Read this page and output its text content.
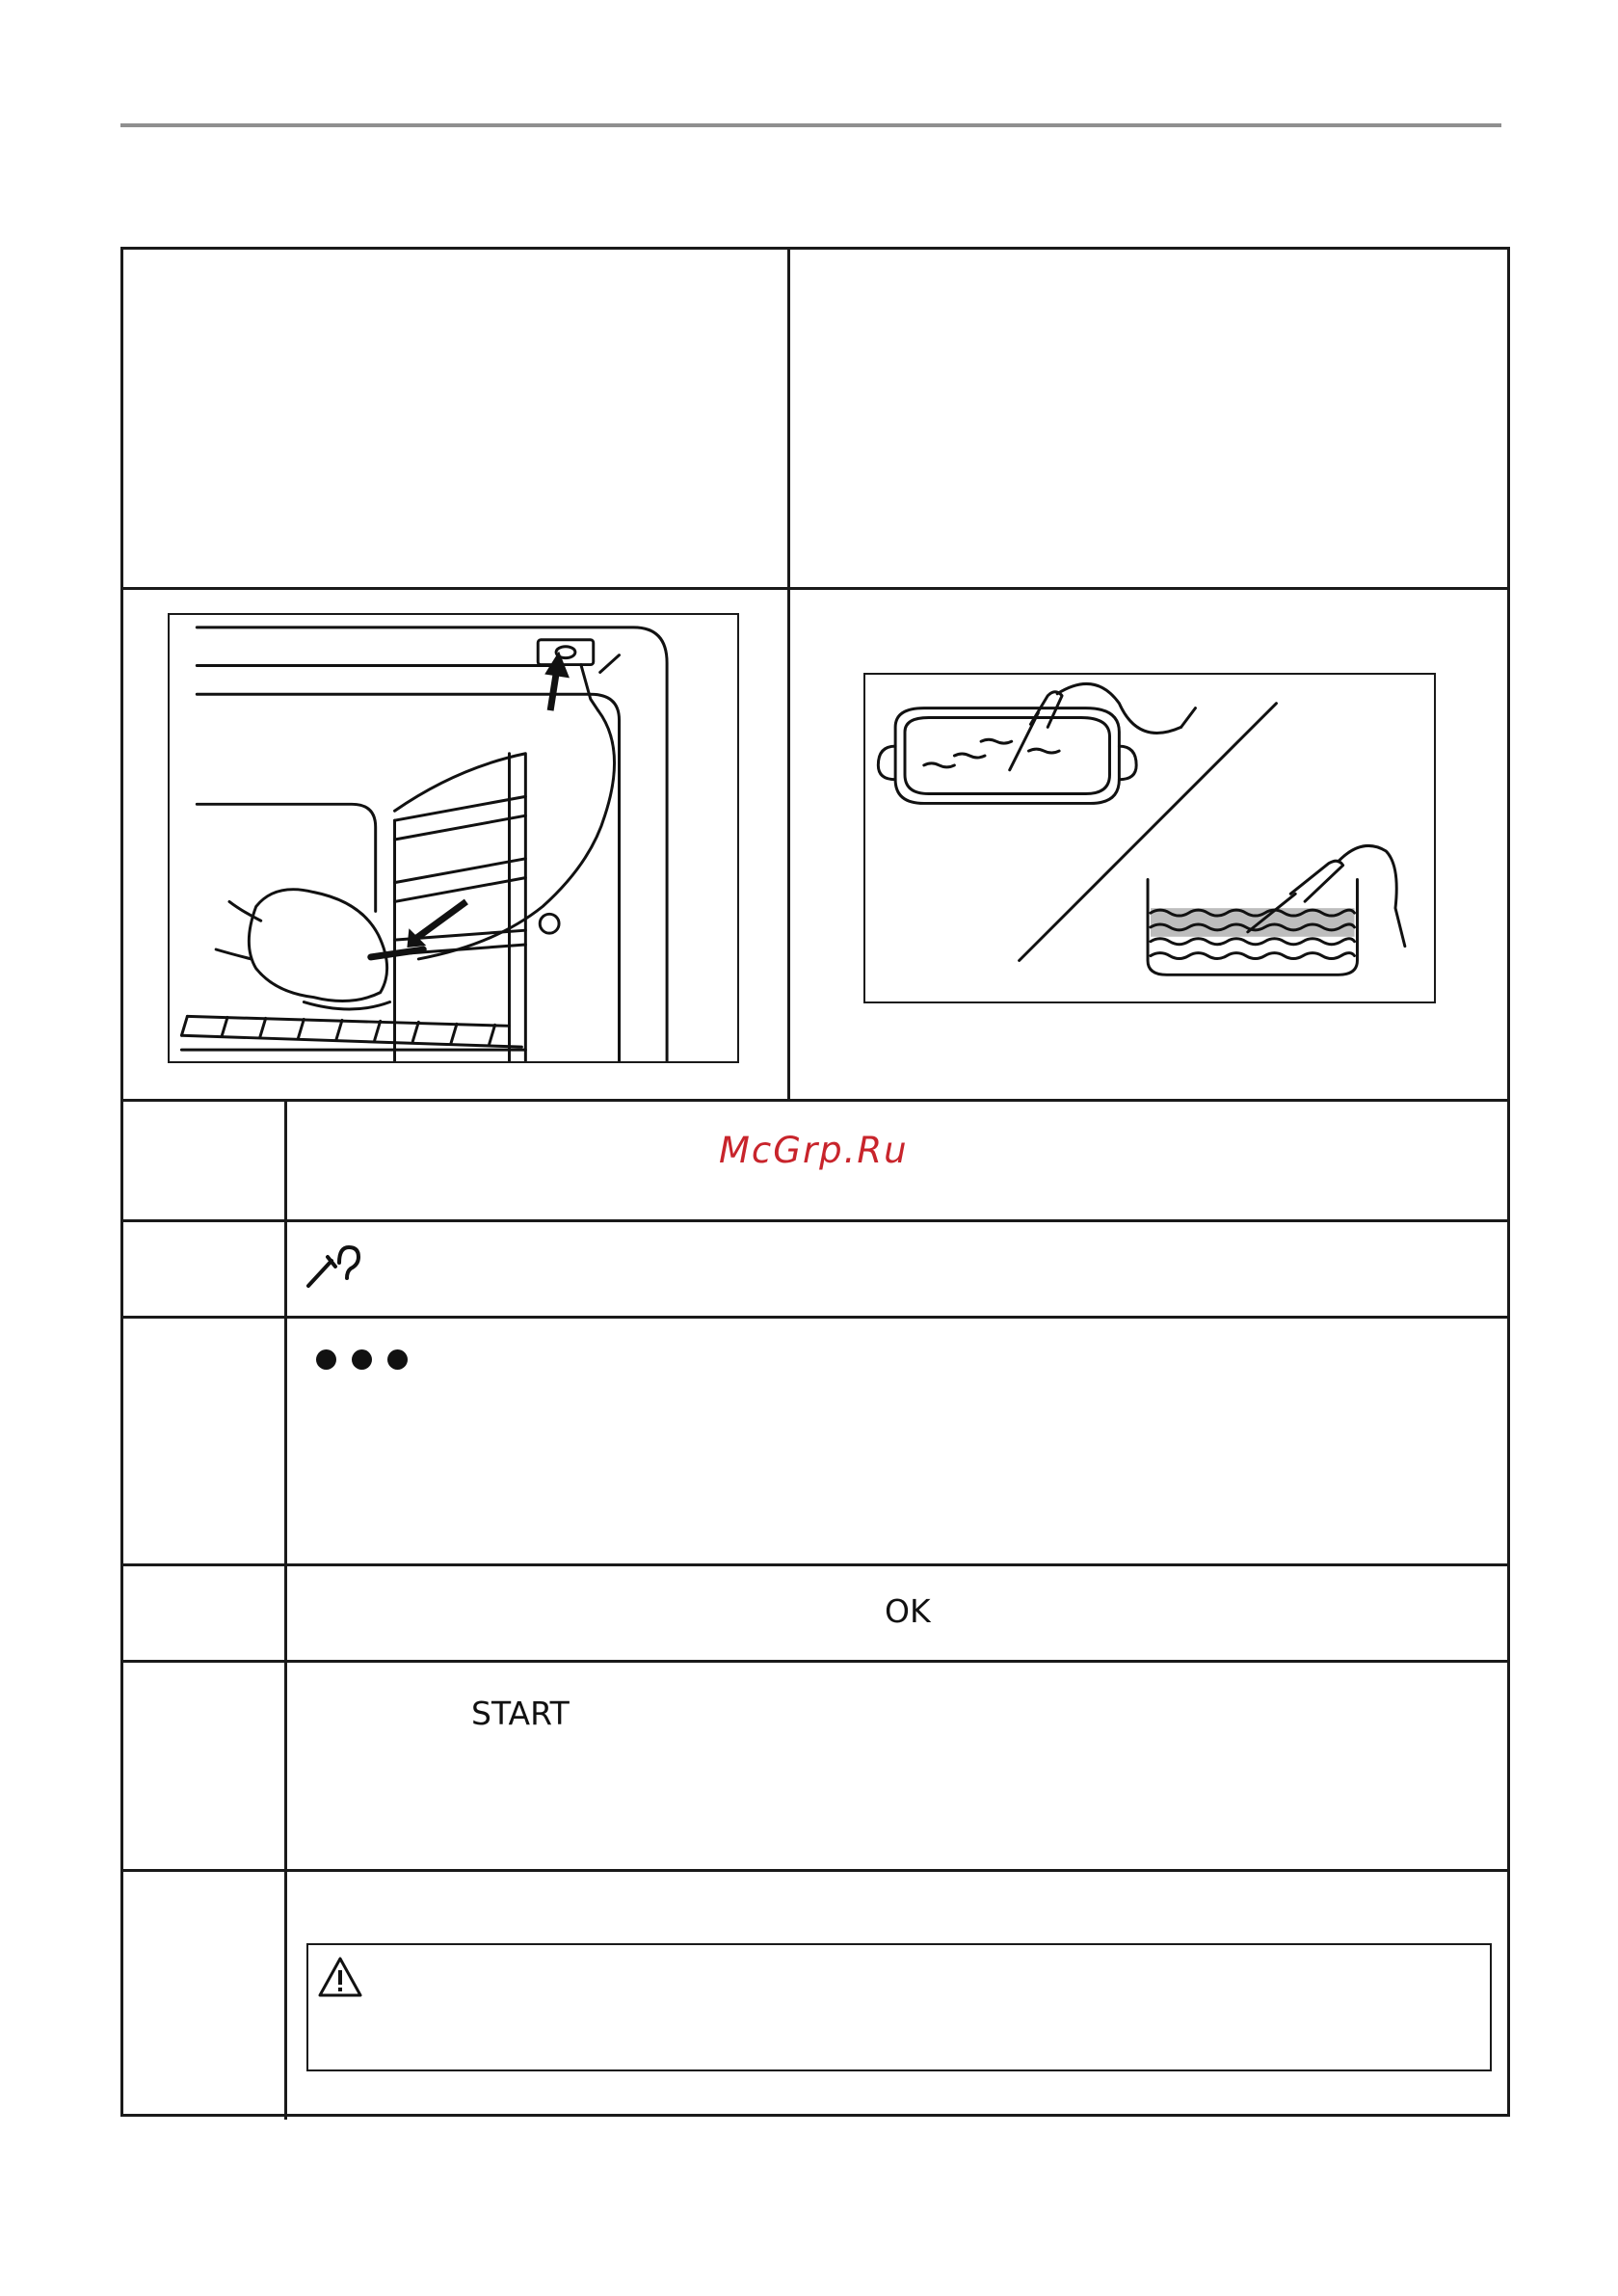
McGrp.Ru
OK
START
